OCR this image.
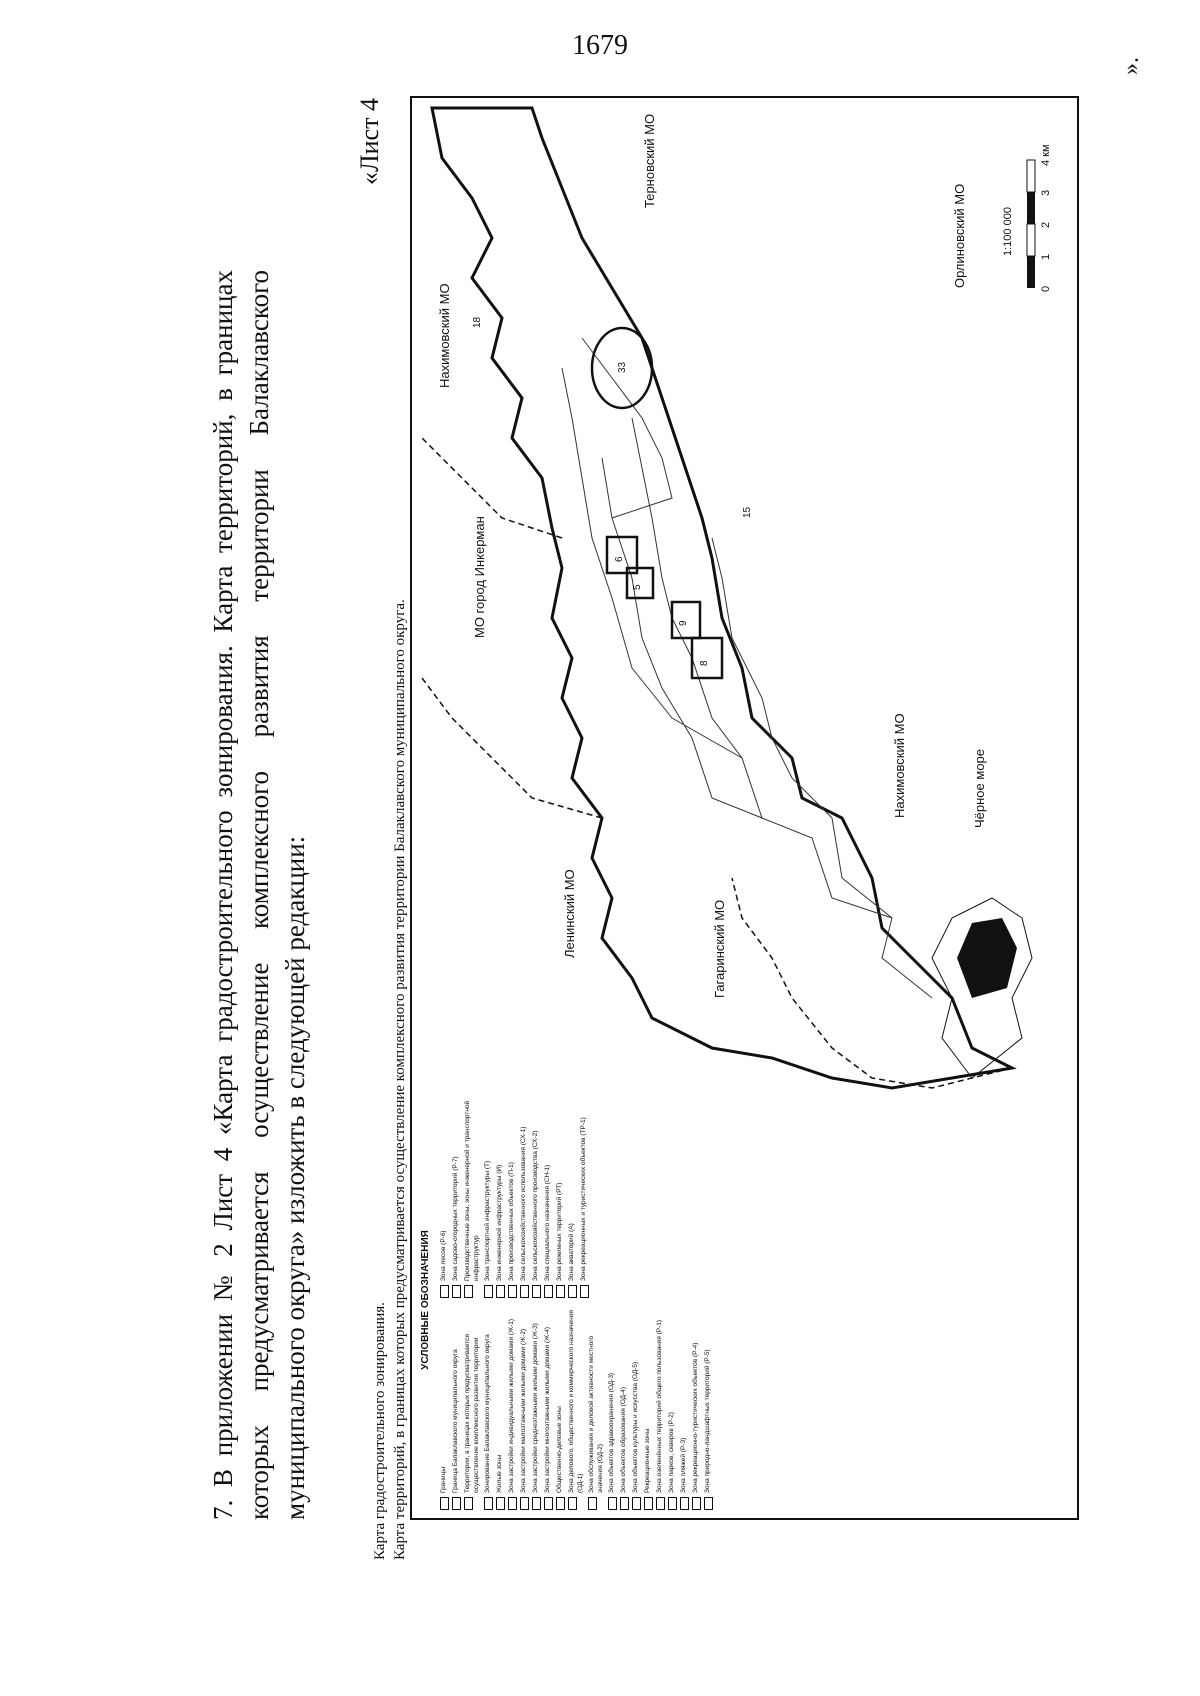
1679
7. В приложении № 2 Лист 4 «Карта градостроительного зонирования. Карта территорий, в границах которых предусматривается осуществление комплексного развития территории Балаклавского муниципального округа» изложить в следующей редакции:
«Лист 4
Карта градостроительного зонирования. Карта территорий, в границах которых предусматривается осуществление комплексного развития территории Балаклавского муниципального округа. УСЛОВНЫЕ ОБОЗНАЧЕНИЯ
Границы Граница Балаклавского муниципального округа Территории, в границах которых предусматривается осуществление комплексного развития территории Зонирование Балаклавского муниципального округа Жилые зоны Зона застройки индивидуальными жилыми домами (Ж-1) Зона застройки малоэтажными жилыми домами (Ж-2) Зона застройки среднеэтажными жилыми домами (Ж-3) Зона застройки многоэтажными жилыми домами (Ж-4) Общественно-деловые зоны Зона делового, общественного и коммерческого назначения (ОД-1) Зона обслуживания и деловой активности местного значения (ОД-2) Зона объектов здравоохранения (ОД-3) Зона объектов образования (ОД-4) Зона объектов культуры и искусства (ОД-5) Рекреационные зоны Зона озеленённых территорий общего пользования (Р-1) Зона парков, скверов (Р-2) Зона пляжей (Р-3) Зона рекреационно-туристических объектов (Р-4) Зона природно-ландшафтных территорий (Р-5)
Зона лесов (Р-6) Зона садово-огородных территорий (Р-7) Производственные зоны, зоны инженерной и транспортной инфраструктур Зона транспортной инфраструктуры (Т) Зона инженерной инфраструктуры (И) Зона производственных объектов (П-1) Зона сельскохозяйственного использования (СХ-1) Зона сельскохозяйственного производства (СХ-2) Зона специального назначения (СН-1) Зона режимных территорий (РТ) Зона акваторий (А) Зона рекреационных и туристических объектов (ТР-1)
Нахимовский МО
Нахимовский МО
МО город Инкерман
Ленинский МО	Гагаринский МО
Чёрное море
Терновский МО
Орлиновский МО
5
6
8
9
15
18
33
1:100 000
0
1
2
3
4 км
».
